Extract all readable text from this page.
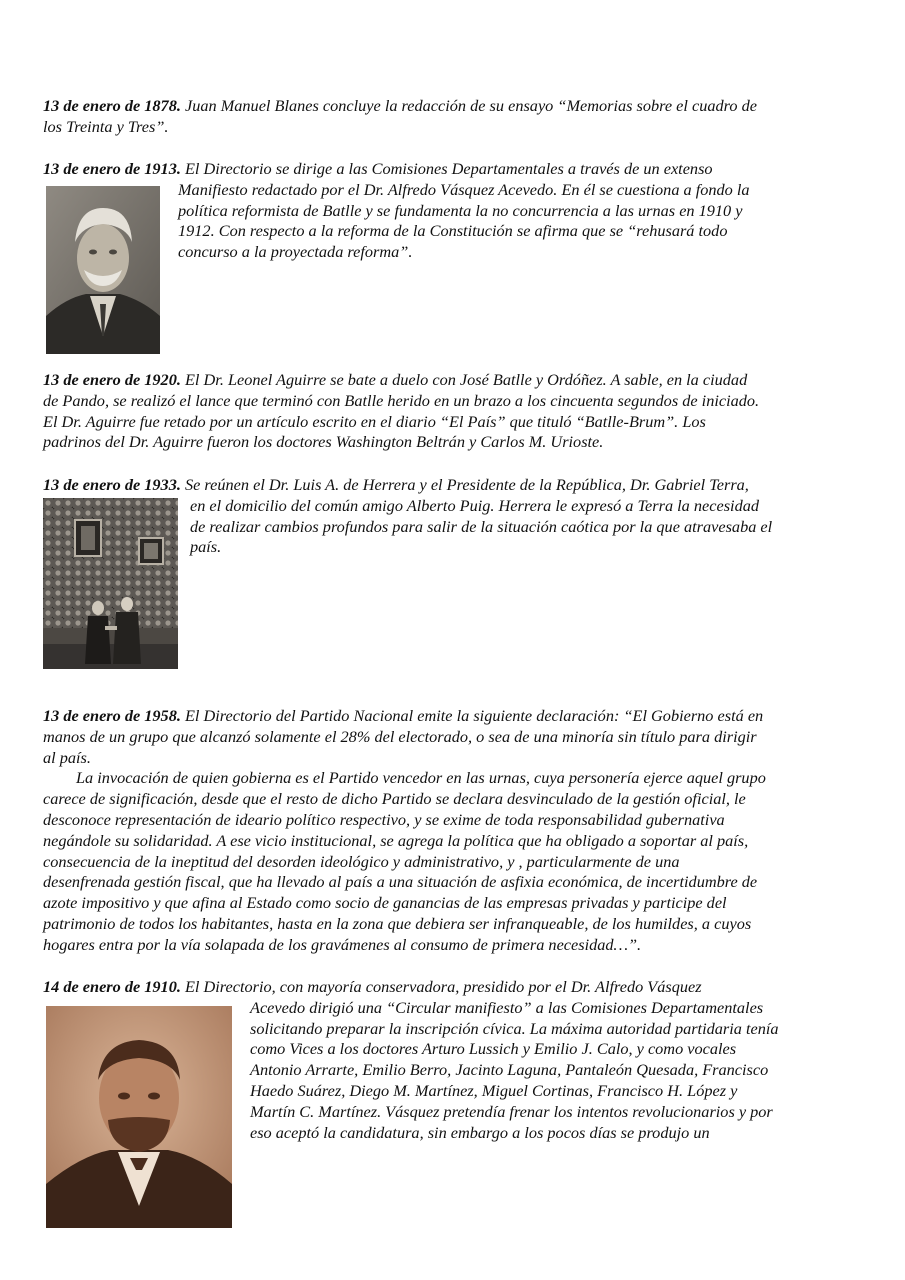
13 de enero de 1878. Juan Manuel Blanes concluye la redacción de su ensayo “Memorias sobre el cuadro de
los Treinta y Tres”.
13 de enero de 1913. El Directorio se dirige a las Comisiones Departamentales a través de un extenso
Manifiesto redactado por el Dr. Alfredo Vásquez Acevedo. En él se cuestiona a fondo la
política reformista de Batlle y se fundamenta la no concurrencia a las urnas en 1910 y
1912. Con respecto a la reforma de la Constitución se afirma que se “rehusará todo
concurso a la proyectada reforma”.
13 de enero de 1920. El Dr. Leonel Aguirre se bate a duelo con José Batlle y Ordóñez. A sable, en la ciudad
de Pando, se realizó el lance que terminó con Batlle herido en un brazo a los cincuenta segundos de iniciado.
El Dr. Aguirre fue retado por un artículo escrito en el diario “El País” que tituló “Batlle-Brum”. Los
padrinos del Dr. Aguirre fueron los doctores Washington Beltrán y Carlos M. Urioste.
13 de enero de 1933. Se reúnen el Dr. Luis A. de Herrera y el Presidente de la República, Dr. Gabriel Terra,
en el domicilio del común amigo Alberto Puig. Herrera le expresó a Terra la necesidad
de realizar cambios profundos para salir de la situación caótica por la que atravesaba el
país.
13 de enero de 1958. El Directorio del Partido Nacional emite la siguiente declaración: “El Gobierno está en
manos de un grupo que alcanzó solamente el 28% del electorado, o sea de una minoría sin título para dirigir
al país.
La invocación de quien gobierna es el Partido vencedor en las urnas, cuya personería ejerce aquel grupo
carece de significación, desde que el resto de dicho Partido se declara desvinculado de la gestión oficial, le
desconoce representación de ideario político respectivo, y se exime de toda responsabilidad gubernativa
negándole su solidaridad. A ese vicio institucional, se agrega la política que ha obligado a soportar al país,
consecuencia de la ineptitud del desorden ideológico y administrativo, y , particularmente de una
desenfrenada gestión fiscal, que ha llevado al país a una situación de asfixia económica, de incertidumbre de
azote impositivo y que afina al Estado como socio de ganancias de las empresas privadas y participe del
patrimonio de todos los habitantes, hasta en la zona que debiera ser infranqueable, de los humildes, a cuyos
hogares entra por la vía solapada de los gravámenes al consumo de primera necesidad…”.
14 de enero de 1910. El Directorio, con mayoría conservadora, presidido por el Dr. Alfredo Vásquez
Acevedo dirigió una “Circular manifiesto” a las Comisiones Departamentales
solicitando preparar la inscripción cívica. La máxima autoridad partidaria tenía
como Vices a los doctores Arturo Lussich y Emilio J. Calo, y como vocales
Antonio Arrarte, Emilio Berro, Jacinto Laguna, Pantaleón Quesada, Francisco
Haedo Suárez, Diego M. Martínez, Miguel Cortinas, Francisco H. López y
Martín C. Martínez. Vásquez pretendía frenar los intentos revolucionarios y por
eso aceptó la candidatura, sin embargo a los pocos días se produjo un
